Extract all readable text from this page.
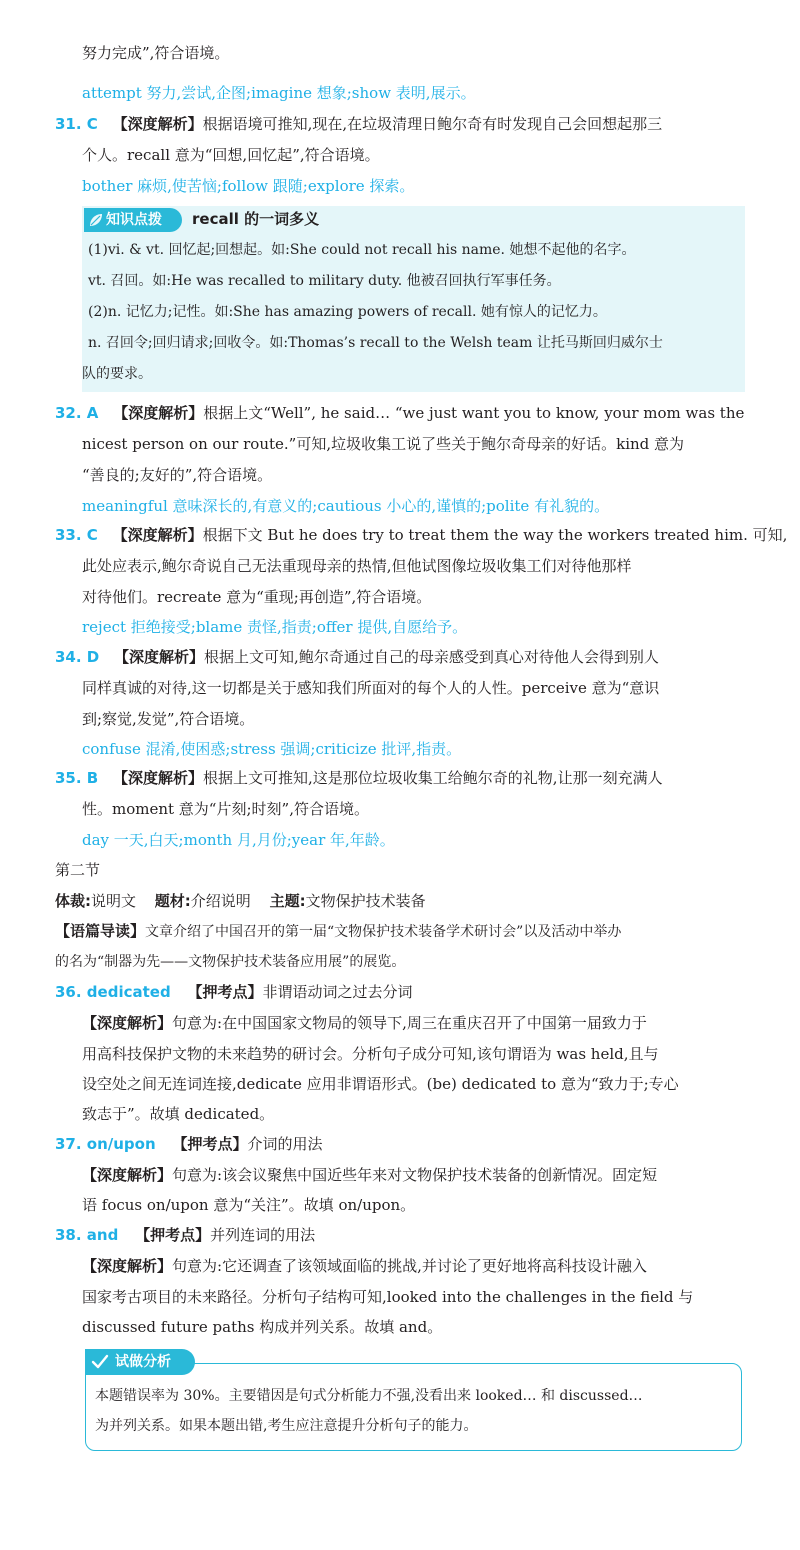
努力完成”,符合语境。
attempt 努力,尝试,企图;imagine 想象;show 表明,展示。
31. C 【深度解析】根据语境可推知,现在,在垃圾清理日鲍尔奇有时发现自己会回想起那三
个人。recall 意为“回想,回忆起”,符合语境。
bother 麻烦,使苦恼;follow 跟随;explore 探索。
知识点拨	recall 的一词多义
(1)vi. & vt. 回忆起;回想起。如:She could not recall his name. 她想不起他的名字。
vt. 召回。如:He was recalled to military duty. 他被召回执行军事任务。
(2)n. 记忆力;记性。如:She has amazing powers of recall. 她有惊人的记忆力。
n. 召回令;回归请求;回收令。如:Thomas’s recall to the Welsh team 让托马斯回归威尔士
队的要求。
32. A 【深度解析】根据上文“Well”, he said… “we just want you to know, your mom was the
nicest person on our route.”可知,垃圾收集工说了些关于鲍尔奇母亲的好话。kind 意为
“善良的;友好的”,符合语境。
meaningful 意味深长的,有意义的;cautious 小心的,谨慎的;polite 有礼貌的。
33. C 【深度解析】根据下文 But he does try to treat them the way the workers treated him. 可知,
此处应表示,鲍尔奇说自己无法重现母亲的热情,但他试图像垃圾收集工们对待他那样
对待他们。recreate 意为“重现;再创造”,符合语境。
reject 拒绝接受;blame 责怪,指责;offer 提供,自愿给予。
34. D 【深度解析】根据上文可知,鲍尔奇通过自己的母亲感受到真心对待他人会得到别人
同样真诚的对待,这一切都是关于感知我们所面对的每个人的人性。perceive 意为“意识
到;察觉,发觉”,符合语境。
confuse 混淆,使困惑;stress 强调;criticize 批评,指责。
35. B 【深度解析】根据上文可推知,这是那位垃圾收集工给鲍尔奇的礼物,让那一刻充满人
性。moment 意为“片刻;时刻”,符合语境。
day 一天,白天;month 月,月份;year 年,年龄。
第二节
体裁:说明文 题材:介绍说明 主题:文物保护技术装备
【语篇导读】文章介绍了中国召开的第一届“文物保护技术装备学术研讨会”以及活动中举办
的名为“制器为先——文物保护技术装备应用展”的展览。
36. dedicated 【押考点】非谓语动词之过去分词
【深度解析】句意为:在中国国家文物局的领导下,周三在重庆召开了中国第一届致力于
用高科技保护文物的未来趋势的研讨会。分析句子成分可知,该句谓语为 was held,且与
设空处之间无连词连接,dedicate 应用非谓语形式。(be) dedicated to 意为“致力于;专心
致志于”。故填 dedicated。
37. on/upon 【押考点】介词的用法
【深度解析】句意为:该会议聚焦中国近些年来对文物保护技术装备的创新情况。固定短
语 focus on/upon 意为“关注”。故填 on/upon。
38. and 【押考点】并列连词的用法
【深度解析】句意为:它还调查了该领域面临的挑战,并讨论了更好地将高科技设计融入
国家考古项目的未来路径。分析句子结构可知,looked into the challenges in the field 与
discussed future paths 构成并列关系。故填 and。
试做分析
本题错误率为 30%。主要错因是句式分析能力不强,没看出来 looked… 和 discussed…
为并列关系。如果本题出错,考生应注意提升分析句子的能力。
